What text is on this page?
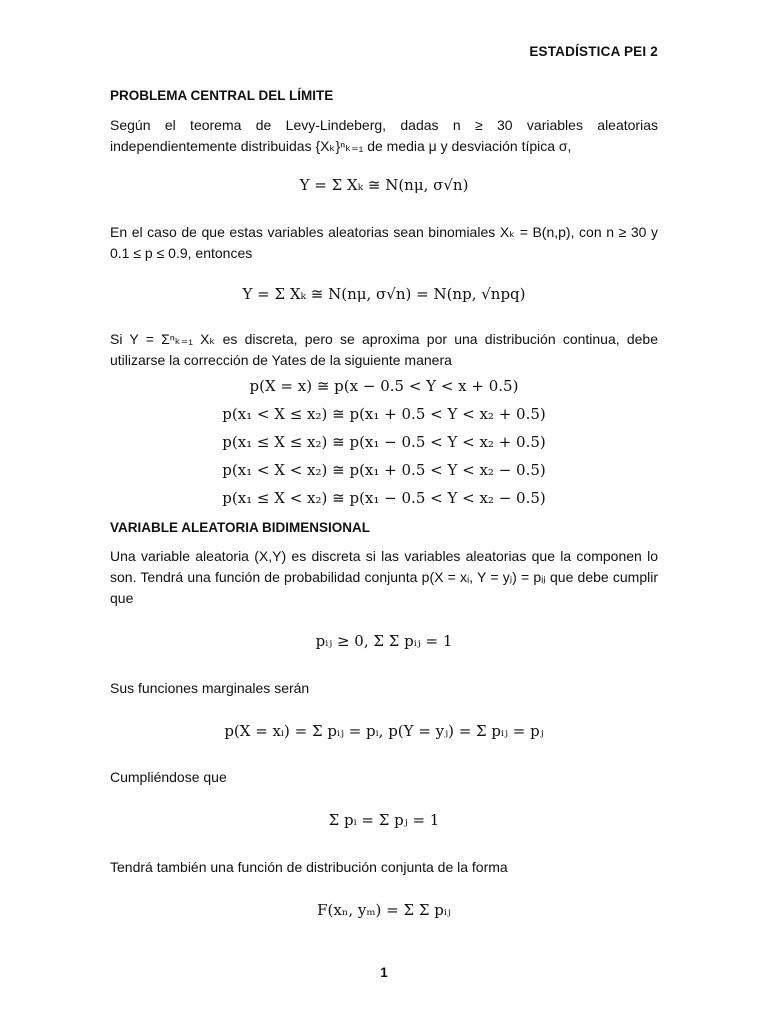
ESTADÍSTICA PEI 2
PROBLEMA CENTRAL DEL LÍMITE
Según el teorema de Levy-Lindeberg, dadas n ≥ 30 variables aleatorias independientemente distribuidas {Xₖ}ⁿₖ₌₁ de media μ y desviación típica σ,
Y = Σ Xₖ ≅ N(nμ, σ√n)
En el caso de que estas variables aleatorias sean binomiales Xₖ = B(n,p), con n ≥ 30 y 0.1 ≤ p ≤ 0.9, entonces
Y = Σ Xₖ ≅ N(nμ, σ√n) = N(np, √npq)
Si Y = Σⁿₖ₌₁ Xₖ es discreta, pero se aproxima por una distribución continua, debe utilizarse la corrección de Yates de la siguiente manera
p(X = x) ≅ p(x − 0.5 < Y < x + 0.5)
p(x₁ < X ≤ x₂) ≅ p(x₁ + 0.5 < Y < x₂ + 0.5)
p(x₁ ≤ X ≤ x₂) ≅ p(x₁ − 0.5 < Y < x₂ + 0.5)
p(x₁ < X < x₂) ≅ p(x₁ + 0.5 < Y < x₂ − 0.5)
p(x₁ ≤ X < x₂) ≅ p(x₁ − 0.5 < Y < x₂ − 0.5)
VARIABLE ALEATORIA BIDIMENSIONAL
Una variable aleatoria (X,Y) es discreta si las variables aleatorias que la componen lo son. Tendrá una función de probabilidad conjunta p(X = xᵢ, Y = yⱼ) = pᵢⱼ que debe cumplir que
pᵢⱼ ≥ 0, Σ Σ pᵢⱼ = 1
Sus funciones marginales serán
p(X = xᵢ) = Σ pᵢⱼ = pᵢ, p(Y = yⱼ) = Σ pᵢⱼ = pⱼ
Cumpliéndose que
Σ pᵢ = Σ pⱼ = 1
Tendrá también una función de distribución conjunta de la forma
F(xₙ, yₘ) = Σ Σ pᵢⱼ
1
